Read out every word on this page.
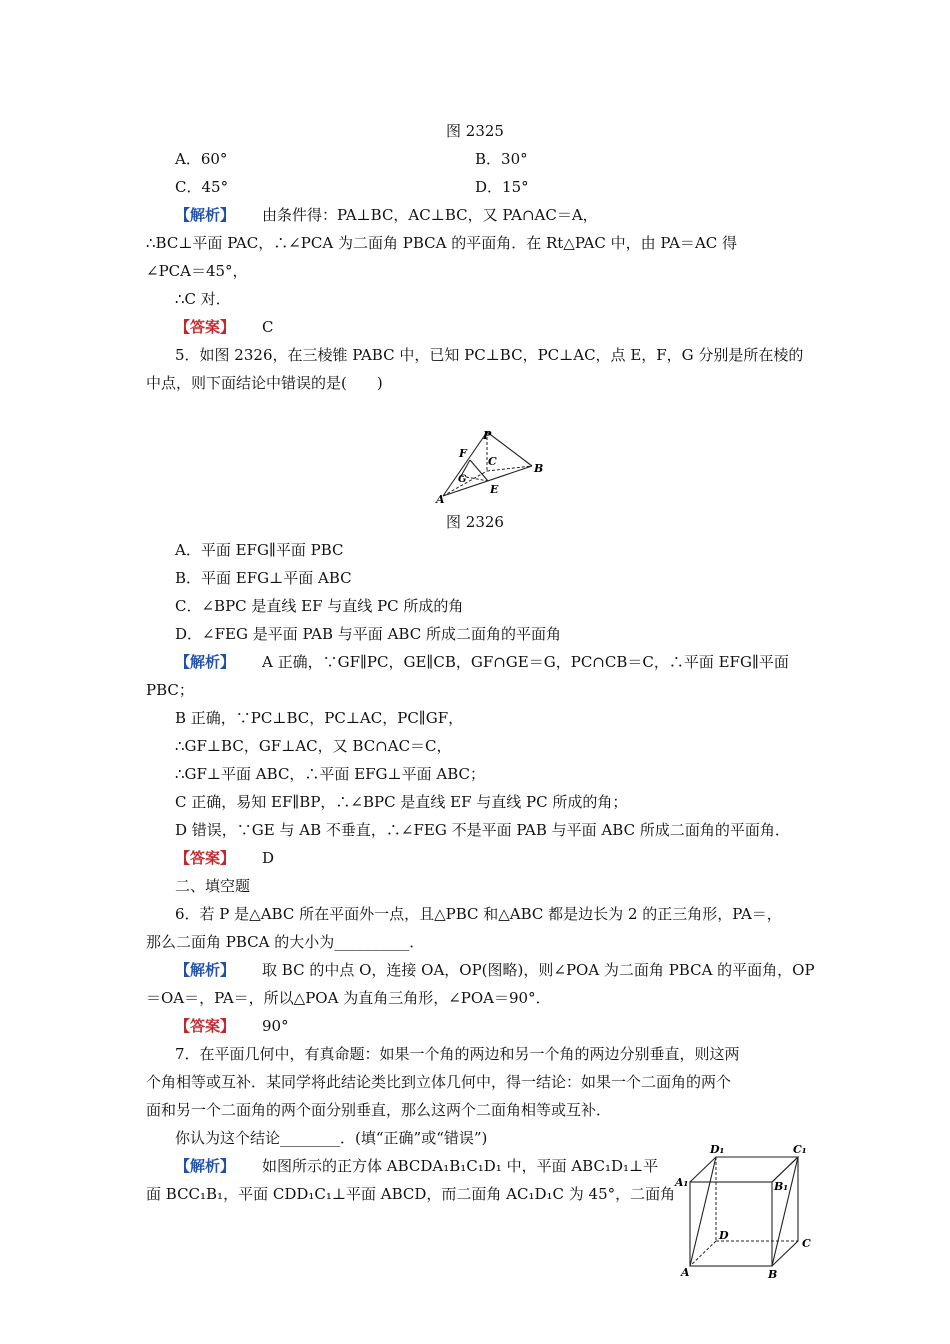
图 2325
A．60°	B．30°
C．45°	D．15°
【解析】 由条件得：PA⊥BC，AC⊥BC，又 PA∩AC＝A，
∴BC⊥平面 PAC，∴∠PCA 为二面角 PBCA 的平面角．在 Rt△PAC 中，由 PA＝AC 得
∠PCA＝45°，
∴C 对．
【答案】 C
5．如图 2326，在三棱锥 PABC 中，已知 PC⊥BC，PC⊥AC，点 E，F，G 分别是所在棱的
中点，则下面结论中错误的是(　　)
P
F
C
B
G
E
A
图 2326
A．平面 EFG∥平面 PBC
B．平面 EFG⊥平面 ABC
C．∠BPC 是直线 EF 与直线 PC 所成的角
D．∠FEG 是平面 PAB 与平面 ABC 所成二面角的平面角
【解析】 A 正确，∵GF∥PC，GE∥CB，GF∩GE＝G，PC∩CB＝C，∴平面 EFG∥平面
PBC；
B 正确，∵PC⊥BC，PC⊥AC，PC∥GF，
∴GF⊥BC，GF⊥AC，又 BC∩AC＝C，
∴GF⊥平面 ABC，∴平面 EFG⊥平面 ABC；
C 正确，易知 EF∥BP，∴∠BPC 是直线 EF 与直线 PC 所成的角；
D 错误，∵GE 与 AB 不垂直，∴∠FEG 不是平面 PAB 与平面 ABC 所成二面角的平面角．
【答案】 D
二、填空题
6．若 P 是△ABC 所在平面外一点，且△PBC 和△ABC 都是边长为 2 的正三角形，PA＝，
那么二面角 PBCA 的大小为__________．
【解析】 取 BC 的中点 O，连接 OA，OP(图略)，则∠POA 为二面角 PBCA 的平面角，OP
＝OA＝，PA＝，所以△POA 为直角三角形，∠POA＝90°．
【答案】 90°
7．在平面几何中，有真命题：如果一个角的两边和另一个角的两边分别垂直，则这两
个角相等或互补．某同学将此结论类比到立体几何中，得一结论：如果一个二面角的两个
面和另一个二面角的两个面分别垂直，那么这两个二面角相等或互补．
你认为这个结论________．(填“正确”或“错误”)
【解析】 如图所示的正方体 ABCDA₁B₁C₁D₁ 中，平面 ABC₁D₁⊥平
面 BCC₁B₁，平面 CDD₁C₁⊥平面 ABCD，而二面角 AC₁D₁C 为 45°，二面角
D₁	C₁
A₁	B₁
D
C
A	B
